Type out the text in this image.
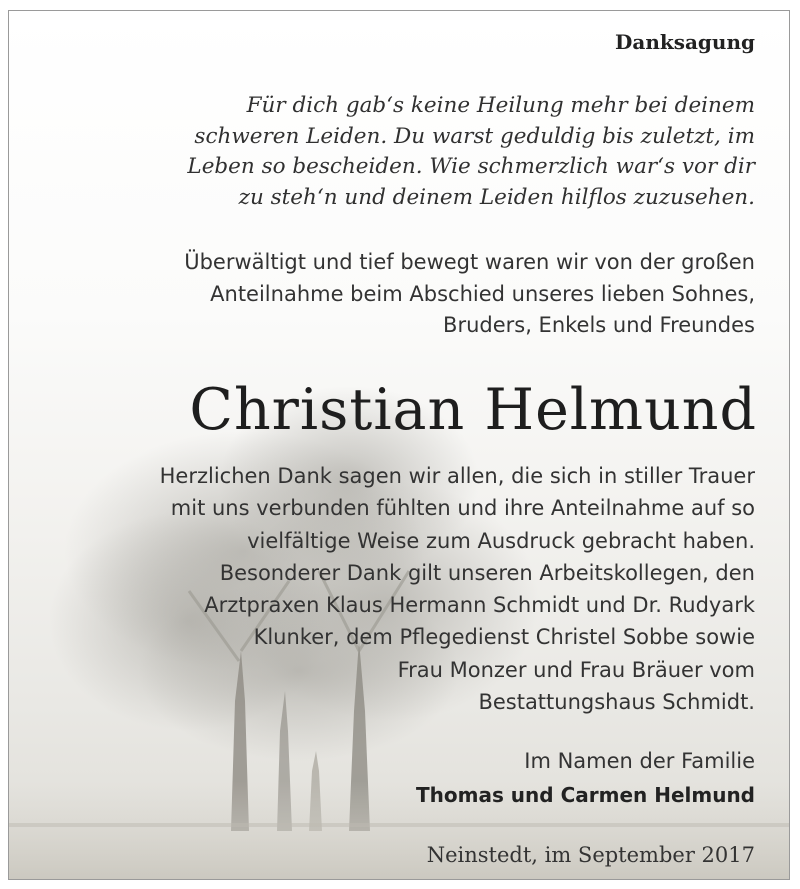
Danksagung
Für dich gab‘s keine Heilung mehr bei deinem
schweren Leiden. Du warst geduldig bis zuletzt, im
Leben so bescheiden. Wie schmerzlich war‘s vor dir
zu steh‘n und deinem Leiden hilflos zuzusehen.
Überwältigt und tief bewegt waren wir von der großen
Anteilnahme beim Abschied unseres lieben Sohnes,
Bruders, Enkels und Freundes
Christian Helmund
Herzlichen Dank sagen wir allen, die sich in stiller Trauer
mit uns verbunden fühlten und ihre Anteilnahme auf so
vielfältige Weise zum Ausdruck gebracht haben.
Besonderer Dank gilt unseren Arbeitskollegen, den
Arztpraxen Klaus Hermann Schmidt und Dr. Rudyark
Klunker, dem Pflegedienst Christel Sobbe sowie
Frau Monzer und Frau Bräuer vom
Bestattungshaus Schmidt.
Im Namen der Familie
Thomas und Carmen Helmund
Neinstedt, im September 2017
